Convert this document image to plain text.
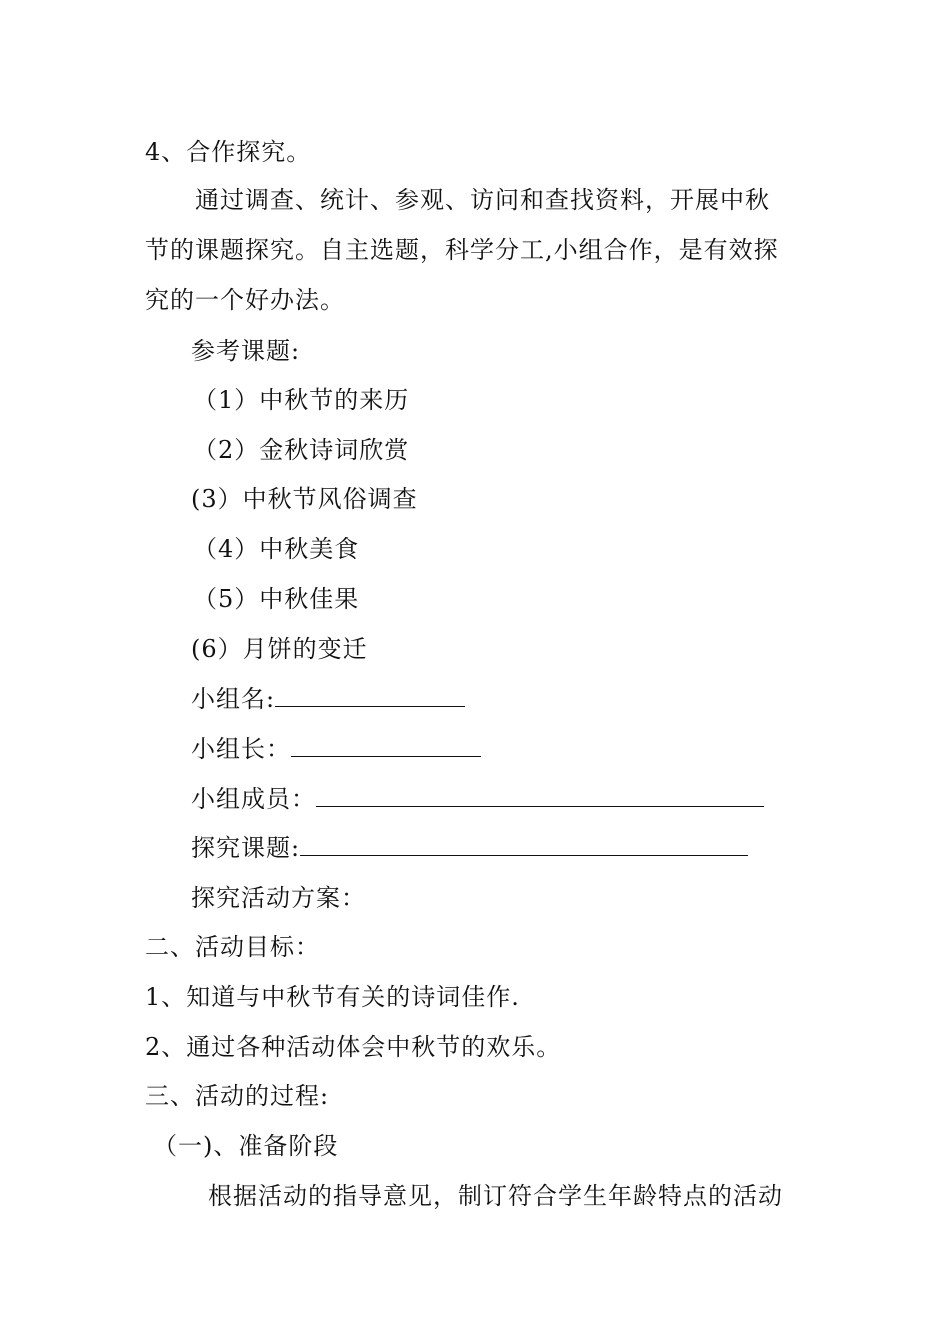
4、合作探究。
通过调查、统计、参观、访问和查找资料，开展中秋
节的课题探究。自主选题，科学分工,小组合作，是有效探
究的一个好办法。
参考课题:
（1）中秋节的来历
（2）金秋诗词欣赏
(3）中秋节风俗调查
（4）中秋美食
（5）中秋佳果
(6）月饼的变迁
小组名:
小组长：
小组成员：
探究课题:
探究活动方案：
二、活动目标：
1、知道与中秋节有关的诗词佳作.
2、通过各种活动体会中秋节的欢乐。
三、活动的过程:
（一)、准备阶段
根据活动的指导意见，制订符合学生年龄特点的活动
